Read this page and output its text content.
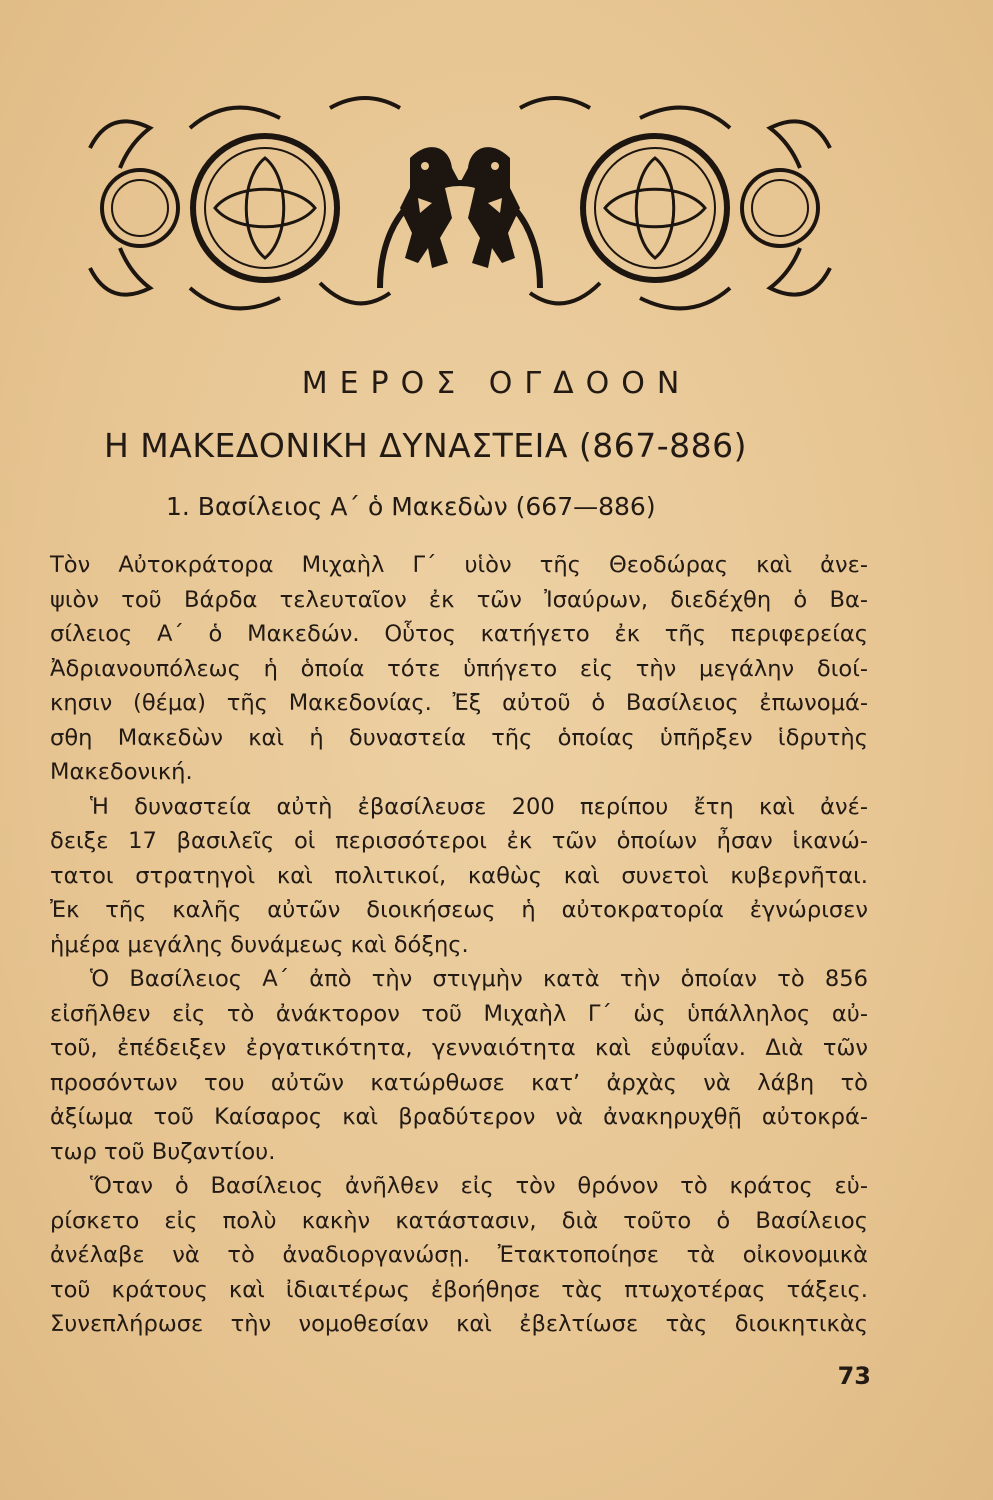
ΜΕΡΟΣ ΟΓΔΟΟΝ
Η ΜΑΚΕΔΟΝΙΚΗ ΔΥΝΑΣΤΕΙΑ (867-886)
1. Βασίλειος Α΄ ὁ Μακεδὼν (667—886)
Τὸν Αὐτοκράτορα Μιχαὴλ Γ΄ υἱὸν τῆς Θεοδώρας καὶ ἀνε-
ψιὸν τοῦ Βάρδα τελευταῖον ἐκ τῶν Ἰσαύρων, διεδέχθη ὁ Βα-
σίλειος Α΄ ὁ Μακεδών. Οὗτος κατήγετο ἐκ τῆς περιφερείας
Ἀδριανουπόλεως ἡ ὁποία τότε ὑπήγετο εἰς τὴν μεγάλην διοί-
κησιν (θέμα) τῆς Μακεδονίας. Ἐξ αὐτοῦ ὁ Βασίλειος ἐπωνομά-
σθη Μακεδὼν καὶ ἡ δυναστεία τῆς ὁποίας ὑπῆρξεν ἱδρυτὴς
Μακεδονική.
Ἡ δυναστεία αὐτὴ ἐβασίλευσε 200 περίπου ἔτη καὶ ἀνέ-
δειξε 17 βασιλεῖς οἱ περισσότεροι ἐκ τῶν ὁποίων ἦσαν ἱκανώ-
τατοι στρατηγοὶ καὶ πολιτικοί, καθὼς καὶ συνετοὶ κυβερνῆται.
Ἐκ τῆς καλῆς αὐτῶν διοικήσεως ἡ αὐτοκρατορία ἐγνώρισεν
ἡμέρα μεγάλης δυνάμεως καὶ δόξης.
Ὁ Βασίλειος Α΄ ἀπὸ τὴν στιγμὴν κατὰ τὴν ὁποίαν τὸ 856
εἰσῆλθεν εἰς τὸ ἀνάκτορον τοῦ Μιχαὴλ Γ΄ ὡς ὑπάλληλος αὐ-
τοῦ, ἐπέδειξεν ἐργατικότητα, γενναιότητα καὶ εὐφυΐαν. Διὰ τῶν
προσόντων του αὐτῶν κατώρθωσε κατʼ ἀρχὰς νὰ λάβη τὸ
ἀξίωμα τοῦ Καίσαρος καὶ βραδύτερον νὰ ἀνακηρυχθῇ αὐτοκρά-
τωρ τοῦ Βυζαντίου.
Ὅταν ὁ Βασίλειος ἀνῆλθεν εἰς τὸν θρόνον τὸ κράτος εὑ-
ρίσκετο εἰς πολὺ κακὴν κατάστασιν, διὰ τοῦτο ὁ Βασίλειος
ἀνέλαβε νὰ τὸ ἀναδιοργανώσῃ. Ἐτακτοποίησε τὰ οἰκονομικὰ
τοῦ κράτους καὶ ἰδιαιτέρως ἐβοήθησε τὰς πτωχοτέρας τάξεις.
Συνεπλήρωσε τὴν νομοθεσίαν καὶ ἐβελτίωσε τὰς διοικητικὰς
73
